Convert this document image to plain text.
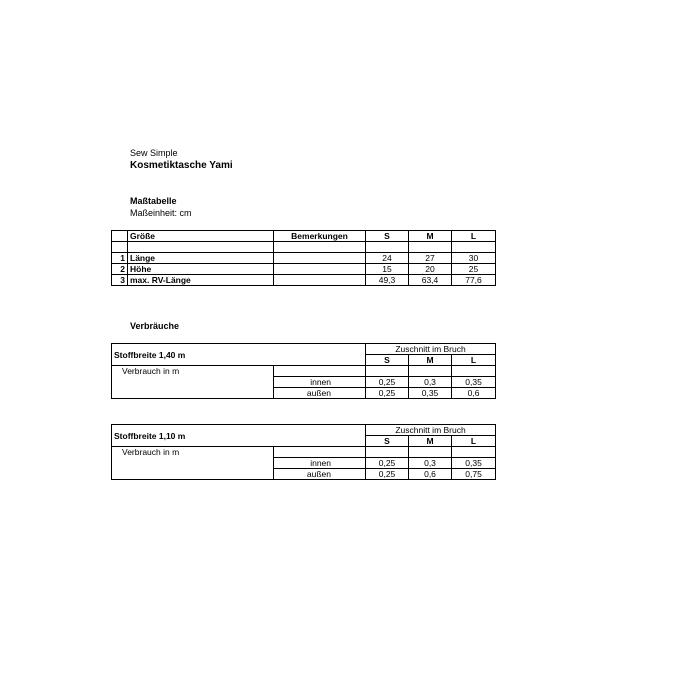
Sew Simple
Kosmetiktasche Yami
Maßtabelle
Maßeinheit: cm
	Größe	Bemerkungen	S	M	L

1	Länge		24	27	30
2	Höhe		15	20	25
3	max. RV-Länge		49,3	63,4	77,6
Verbräuche
Stoffbreite 1,40 m		Zuschnitt im Bruch		
		S	M	L
Verbrauch in m				
	innen	0,25	0,3	0,35
	außen	0,25	0,35	0,6
Stoffbreite 1,10 m		Zuschnitt im Bruch		
		S	M	L
Verbrauch in m				
	innen	0,25	0,3	0,35
	außen	0,25	0,6	0,75
